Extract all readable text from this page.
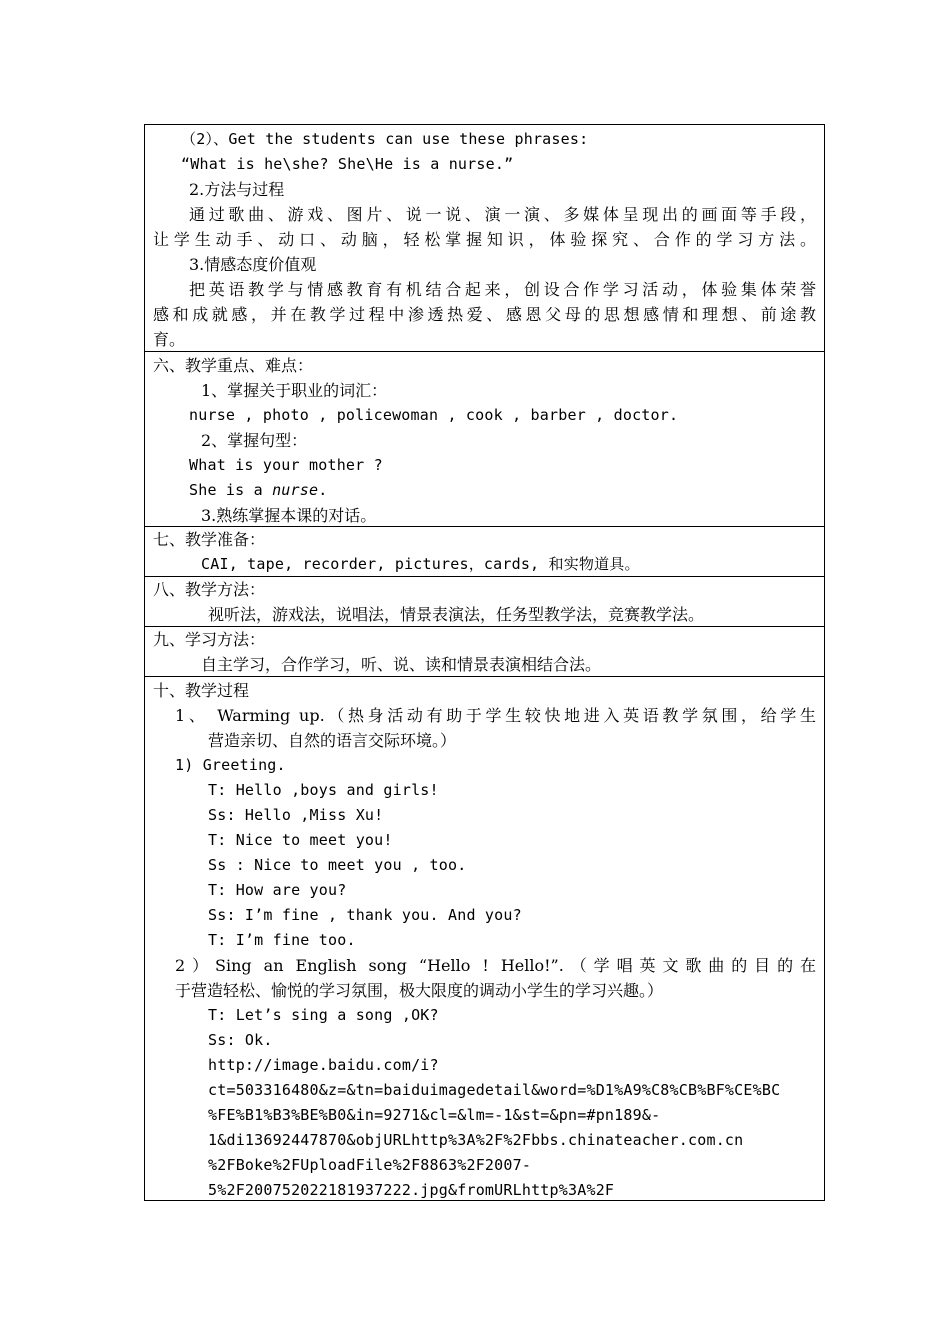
（2）、Get the students can use these phrases:
“What is he\she? She\He is a nurse.”
2.方法与过程
通过歌曲、游戏、图片、说一说、演一演、多媒体呈现出的画面等手段，
让学生动手、动口、动脑，轻松掌握知识，体验探究、合作的学习方法。
3.情感态度价值观
把英语教学与情感教育有机结合起来，创设合作学习活动，体验集体荣誉
感和成就感，并在教学过程中渗透热爱、感恩父母的思想感情和理想、前途教
育。
六、教学重点、难点：
1、掌握关于职业的词汇：
nurse , photo , policewoman , cook , barber , doctor.
2、掌握句型：
What is your mother ?
She is a nurse.
3.熟练掌握本课的对话。
七、教学准备：
CAI, tape, recorder, pictures，cards, 和实物道具。
八、教学方法：
视听法，游戏法，说唱法，情景表演法，任务型教学法，竞赛教学法。
九、学习方法：
自主学习，合作学习，听、说、读和情景表演相结合法。
十、教学过程
1、 Warming up.（热身活动有助于学生较快地进入英语教学氛围，给学生
营造亲切、自然的语言交际环境。）
1) Greeting.
T: Hello ,boys and girls!
Ss: Hello ,Miss Xu!
T: Nice to meet you!
Ss : Nice to meet you , too.
T: How are you?
Ss: I’m fine , thank you. And you?
T: I’m fine too.
2）Sing an English song “Hello ! Hello!”.（学唱英文歌曲的目的在
于营造轻松、愉悦的学习氛围，极大限度的调动小学生的学习兴趣。）
T: Let’s sing a song ,OK?
Ss: Ok.
http://image.baidu.com/i?
ct=503316480&z=&tn=baiduimagedetail&word=%D1%A9%C8%CB%BF%CE%BC
%FE%B1%B3%BE%B0&in=9271&cl=&lm=-1&st=&pn=#pn189&-
1&di13692447870&objURLhttp%3A%2F%2Fbbs.chinateacher.com.cn
%2FBoke%2FUploadFile%2F8863%2F2007-
5%2F200752022181937222.jpg&fromURLhttp%3A%2F
